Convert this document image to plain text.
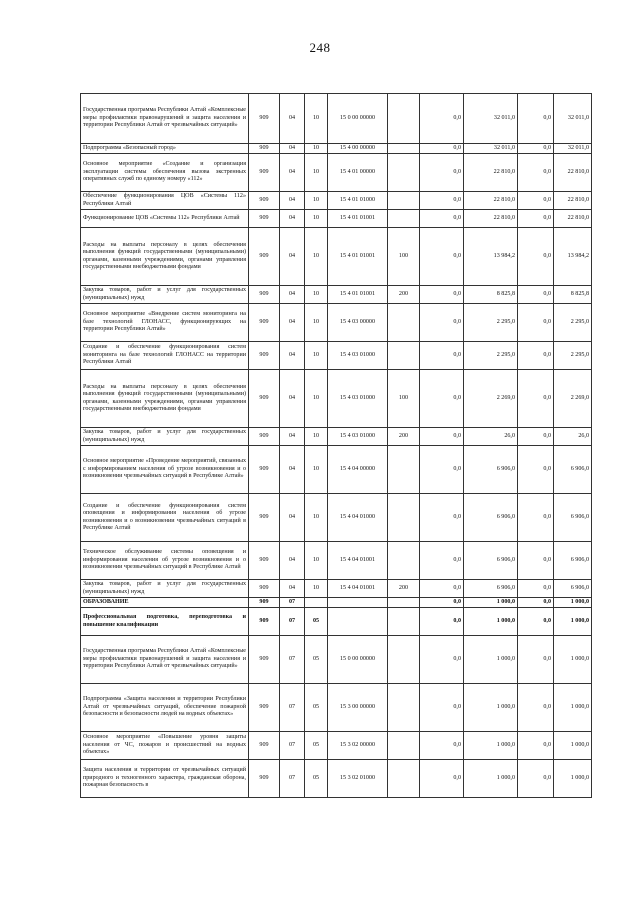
248
Государственная программа Республики Алтай «Комплексные меры профилактики правонарушений и защита населения и территории Республики Алтай от чрезвычайных ситуаций»	909	04	10	15 0 00 00000		0,0	32 011,0	0,0	32 011,0
Подпрограмма «Безопасный город»	909	04	10	15 4 00 00000		0,0	32 011,0	0,0	32 011,0
Основное мероприятие «Создание и организация эксплуатации системы обеспечения вызова экстренных оперативных служб по единому номеру «112»	909	04	10	15 4 01 00000		0,0	22 810,0	0,0	22 810,0
Обеспечение функционирования ЦОВ «Системы 112» Республики Алтай	909	04	10	15 4 01 01000		0,0	22 810,0	0,0	22 810,0
Функционирование ЦОВ «Системы 112» Республики Алтай	909	04	10	15 4 01 01001		0,0	22 810,0	0,0	22 810,0
Расходы на выплаты персоналу в целях обеспечения выполнения функций государственными (муниципальными) органами, казенными учреждениями, органами управления государственными внебюджетными фондами	909	04	10	15 4 01 01001	100	0,0	13 984,2	0,0	13 984,2
Закупка товаров, работ и услуг для государственных (муниципальных) нужд	909	04	10	15 4 01 01001	200	0,0	8 825,8	0,0	8 825,8
Основное мероприятие «Внедрение систем мониторинга на базе технологий ГЛОНАСС, функционирующих на территории Республики Алтай»	909	04	10	15 4 03 00000		0,0	2 295,0	0,0	2 295,0
Создание и обеспечение функционирования систем мониторинга на базе технологий ГЛОНАСС на территории Республики Алтай	909	04	10	15 4 03 01000		0,0	2 295,0	0,0	2 295,0
Расходы на выплаты персоналу в целях обеспечения выполнения функций государственными (муниципальными) органами, казенными учреждениями, органами управления государственными внебюджетными фондами	909	04	10	15 4 03 01000	100	0,0	2 269,0	0,0	2 269,0
Закупка товаров, работ и услуг для государственных (муниципальных) нужд	909	04	10	15 4 03 01000	200	0,0	26,0	0,0	26,0
Основное мероприятие «Проведение мероприятий, связанных с информированием населения об угрозе возникновения и о возникновении чрезвычайных ситуаций в Республике Алтай»	909	04	10	15 4 04 00000		0,0	6 906,0	0,0	6 906,0
Создание и обеспечение функционирования систем оповещения и информирования населения об угрозе возникновения и о возникновении чрезвычайных ситуаций в Республике Алтай	909	04	10	15 4 04 01000		0,0	6 906,0	0,0	6 906,0
Техническое обслуживание системы оповещения и информирования населения об угрозе возникновения и о возникновении чрезвычайных ситуаций в Республике Алтай	909	04	10	15 4 04 01001		0,0	6 906,0	0,0	6 906,0
Закупка товаров, работ и услуг для государственных (муниципальных) нужд	909	04	10	15 4 04 01001	200	0,0	6 906,0	0,0	6 906,0
ОБРАЗОВАНИЕ	909	07				0,0	1 000,0	0,0	1 000,0
Профессиональная подготовка, переподготовка и повышение квалификации	909	07	05			0,0	1 000,0	0,0	1 000,0
Государственная программа Республики Алтай «Комплексные меры профилактики правонарушений и защита населения и территории Республики Алтай от чрезвычайных ситуаций»	909	07	05	15 0 00 00000		0,0	1 000,0	0,0	1 000,0
Подпрограмма «Защита населения и территории Республики Алтай от чрезвычайных ситуаций, обеспечение пожарной безопасности и безопасности людей на водных объектах»	909	07	05	15 3 00 00000		0,0	1 000,0	0,0	1 000,0
Основное мероприятие «Повышение уровня защиты населения от ЧС, пожаров и происшествий на водных объектах»	909	07	05	15 3 02 00000		0,0	1 000,0	0,0	1 000,0
Защита населения и территории от чрезвычайных ситуаций природного и техногенного характера, гражданская оборона, пожарная безопасность в	909	07	05	15 3 02 01000		0,0	1 000,0	0,0	1 000,0
